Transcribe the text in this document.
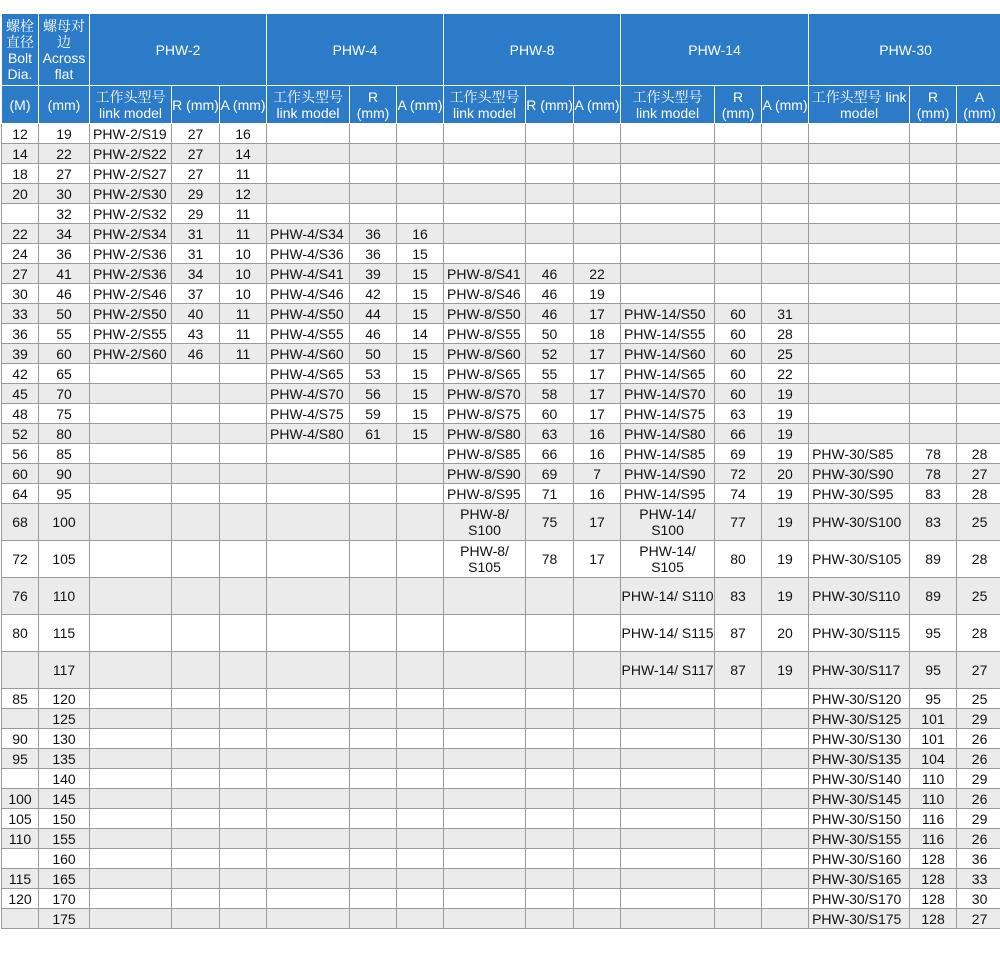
螺栓直径 Bolt Dia.	螺母对边 Across flat	PHW-2			PHW-4			PHW-8			PHW-14			PHW-30			
(M)	(mm)	工作头型号 link model	R (mm)	A (mm)	工作头型号 link model	R (mm)	A (mm)	工作头型号 link model	R (mm)	A (mm)	工作头型号 link model	R (mm)	A (mm)	工作头型号 link model	R (mm)	A (mm)	
12	19	PHW-2/S19	27	16													
14	22	PHW-2/S22	27	14													
18	27	PHW-2/S27	27	11													
20	30	PHW-2/S30	29	12													
	32	PHW-2/S32	29	11													
22	34	PHW-2/S34	31	11	PHW-4/S34	36	16										
24	36	PHW-2/S36	31	10	PHW-4/S36	36	15										
27	41	PHW-2/S36	34	10	PHW-4/S41	39	15	PHW-8/S41	46	22							
30	46	PHW-2/S46	37	10	PHW-4/S46	42	15	PHW-8/S46	46	19							
33	50	PHW-2/S50	40	11	PHW-4/S50	44	15	PHW-8/S50	46	17	PHW-14/S50	60	31				
36	55	PHW-2/S55	43	11	PHW-4/S55	46	14	PHW-8/S55	50	18	PHW-14/S55	60	28				
39	60	PHW-2/S60	46	11	PHW-4/S60	50	15	PHW-8/S60	52	17	PHW-14/S60	60	25				
42	65				PHW-4/S65	53	15	PHW-8/S65	55	17	PHW-14/S65	60	22				
45	70				PHW-4/S70	56	15	PHW-8/S70	58	17	PHW-14/S70	60	19				
48	75				PHW-4/S75	59	15	PHW-8/S75	60	17	PHW-14/S75	63	19				
52	80				PHW-4/S80	61	15	PHW-8/S80	63	16	PHW-14/S80	66	19				
56	85							PHW-8/S85	66	16	PHW-14/S85	69	19	PHW-30/S85	78	28	
60	90							PHW-8/S90	69	7	PHW-14/S90	72	20	PHW-30/S90	78	27	
64	95							PHW-8/S95	71	16	PHW-14/S95	74	19	PHW-30/S95	83	28	
68	100							PHW-8/ S100	75	17	PHW-14/ S100	77	19	PHW-30/S100	83	25	
72	105							PHW-8/ S105	78	17	PHW-14/ S105	80	19	PHW-30/S105	89	28	
76	110										PHW-14/ S110	83	19	PHW-30/S110	89	25	
80	115										PHW-14/ S115	87	20	PHW-30/S115	95	28	
	117										PHW-14/ S117	87	19	PHW-30/S117	95	27	
85	120													PHW-30/S120	95	25	
	125													PHW-30/S125	101	29	
90	130													PHW-30/S130	101	26	
95	135													PHW-30/S135	104	26	
	140													PHW-30/S140	110	29	
100	145													PHW-30/S145	110	26	
105	150													PHW-30/S150	116	29	
110	155													PHW-30/S155	116	26	
	160													PHW-30/S160	128	36	
115	165													PHW-30/S165	128	33	
120	170													PHW-30/S170	128	30	
	175													PHW-30/S175	128	27	
